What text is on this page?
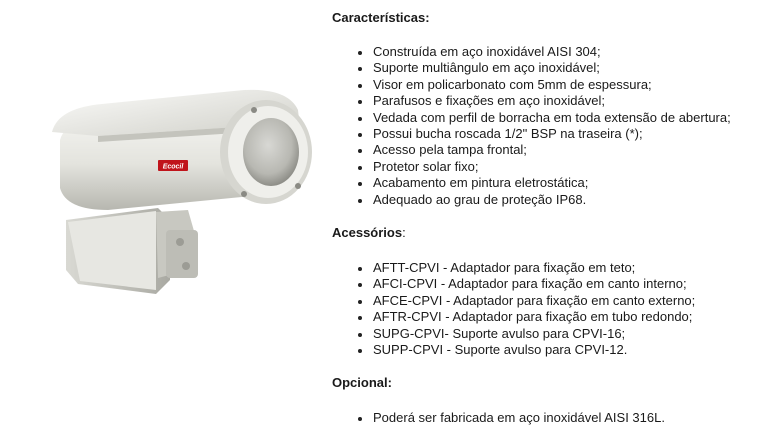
Ecocil
Características:
Construída em aço inoxidável AISI 304;
Suporte multiângulo em aço inoxidável;
Visor em policarbonato com 5mm de espessura;
Parafusos e fixações em aço inoxidável;
Vedada com perfil de borracha em toda extensão de abertura;
Possui bucha roscada 1/2" BSP na traseira (*);
Acesso pela tampa frontal;
Protetor solar fixo;
Acabamento em pintura eletrostática;
Adequado ao grau de proteção IP68.
Acessórios:
AFTT-CPVI - Adaptador para fixação em teto;
AFCI-CPVI - Adaptador para fixação em canto interno;
AFCE-CPVI - Adaptador para fixação em canto externo;
AFTR-CPVI - Adaptador para fixação em tubo redondo;
SUPG-CPVI- Suporte avulso para CPVI-16;
SUPP-CPVI - Suporte avulso para CPVI-12.
Opcional:
Poderá ser fabricada em aço inoxidável AISI 316L.
